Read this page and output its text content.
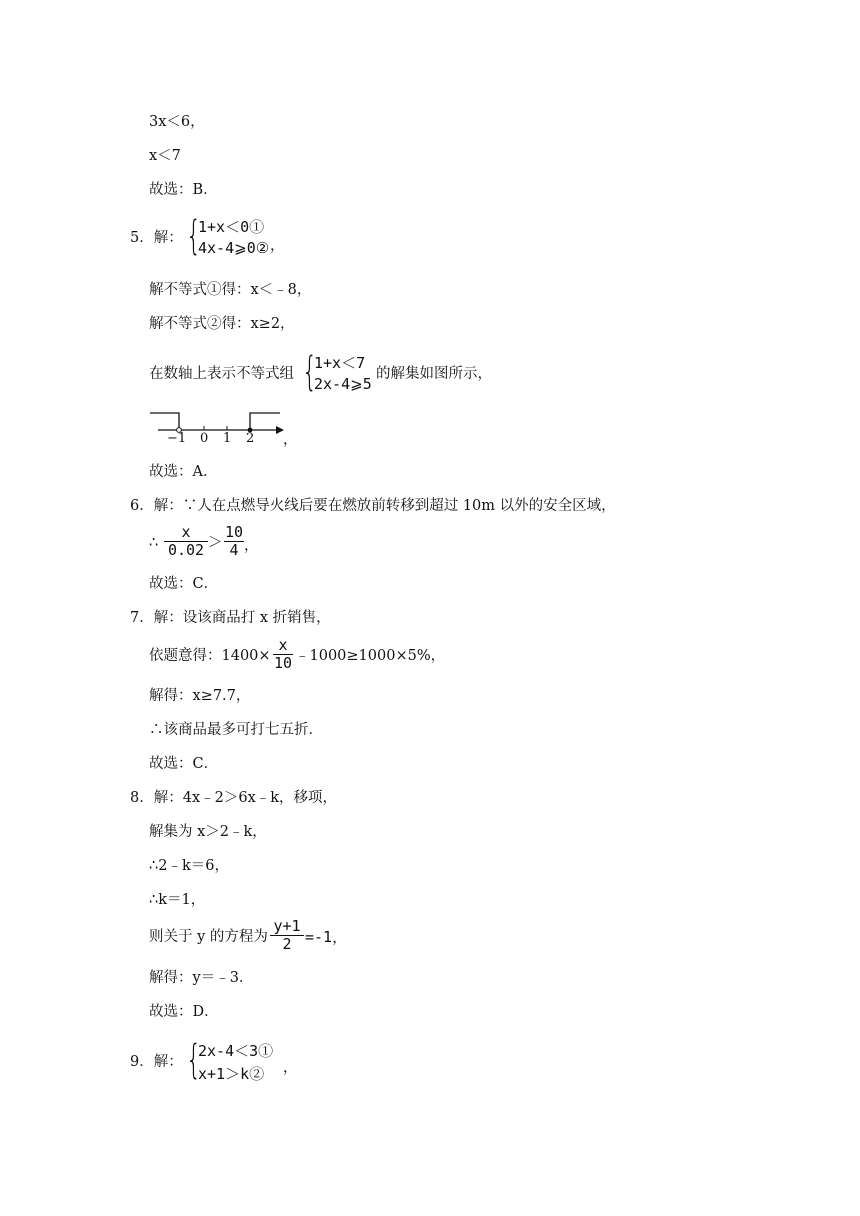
3x＜6，
x＜7
故选：B．
5．解： {
1+x＜0①
4x-4⩾0② ，
解不等式①得：x＜﹣8，
解不等式②得：x≥2，
在数轴上表示不等式组 {
1+x＜7
2x-4⩾5
的解集如图所示，
−1 0 1 2 ，
故选：A．
6．解：∵人在点燃导火线后要在燃放前转移到超过 10m 以外的安全区域，
∴
x
0.02 ＞
10
4 ，
故选：C．
7．解：设该商品打 x 折销售，
依题意得：1400×
x
10 ﹣1000≥1000×5%，
解得：x≥7.7，
∴该商品最多可打七五折．
故选：C．
8．解：4x﹣2＞6x﹣k，移项，
解集为 x＞2﹣k，
∴2﹣k＝6，
∴k＝1，
则关于 y 的方程为
y+1
2 =-1，
解得：y＝﹣3．
故选：D．
9．解： {
2x-4＜3①
x+1＞k② ，
